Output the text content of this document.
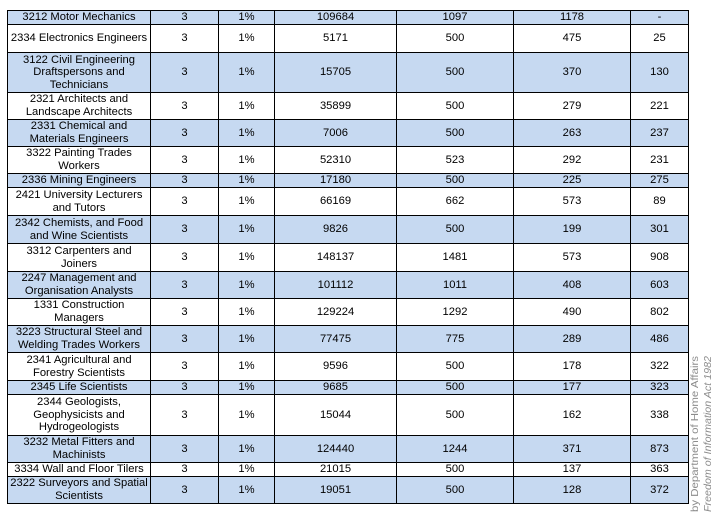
3212 Motor Mechanics	3	1%	109684	1097	1178	-
2334 Electronics Engineers	3	1%	5171	500	475	25
3122 Civil Engineering Draftspersons and Technicians	3	1%	15705	500	370	130
2321 Architects and Landscape Architects	3	1%	35899	500	279	221
2331 Chemical and Materials Engineers	3	1%	7006	500	263	237
3322 Painting Trades Workers	3	1%	52310	523	292	231
2336 Mining Engineers	3	1%	17180	500	225	275
2421 University Lecturers and Tutors	3	1%	66169	662	573	89
2342 Chemists, and Food and Wine Scientists	3	1%	9826	500	199	301
3312 Carpenters and Joiners	3	1%	148137	1481	573	908
2247 Management and Organisation Analysts	3	1%	101112	1011	408	603
1331 Construction Managers	3	1%	129224	1292	490	802
3223 Structural Steel and Welding Trades Workers	3	1%	77475	775	289	486
2341 Agricultural and Forestry Scientists	3	1%	9596	500	178	322
2345 Life Scientists	3	1%	9685	500	177	323
2344 Geologists, Geophysicists and Hydrogeologists	3	1%	15044	500	162	338
3232 Metal Fitters and Machinists	3	1%	124440	1244	371	873
3334 Wall and Floor Tilers	3	1%	21015	500	137	363
2322 Surveyors and Spatial Scientists	3	1%	19051	500	128	372 by Department of Home Affairs Freedom of Information Act 1982
